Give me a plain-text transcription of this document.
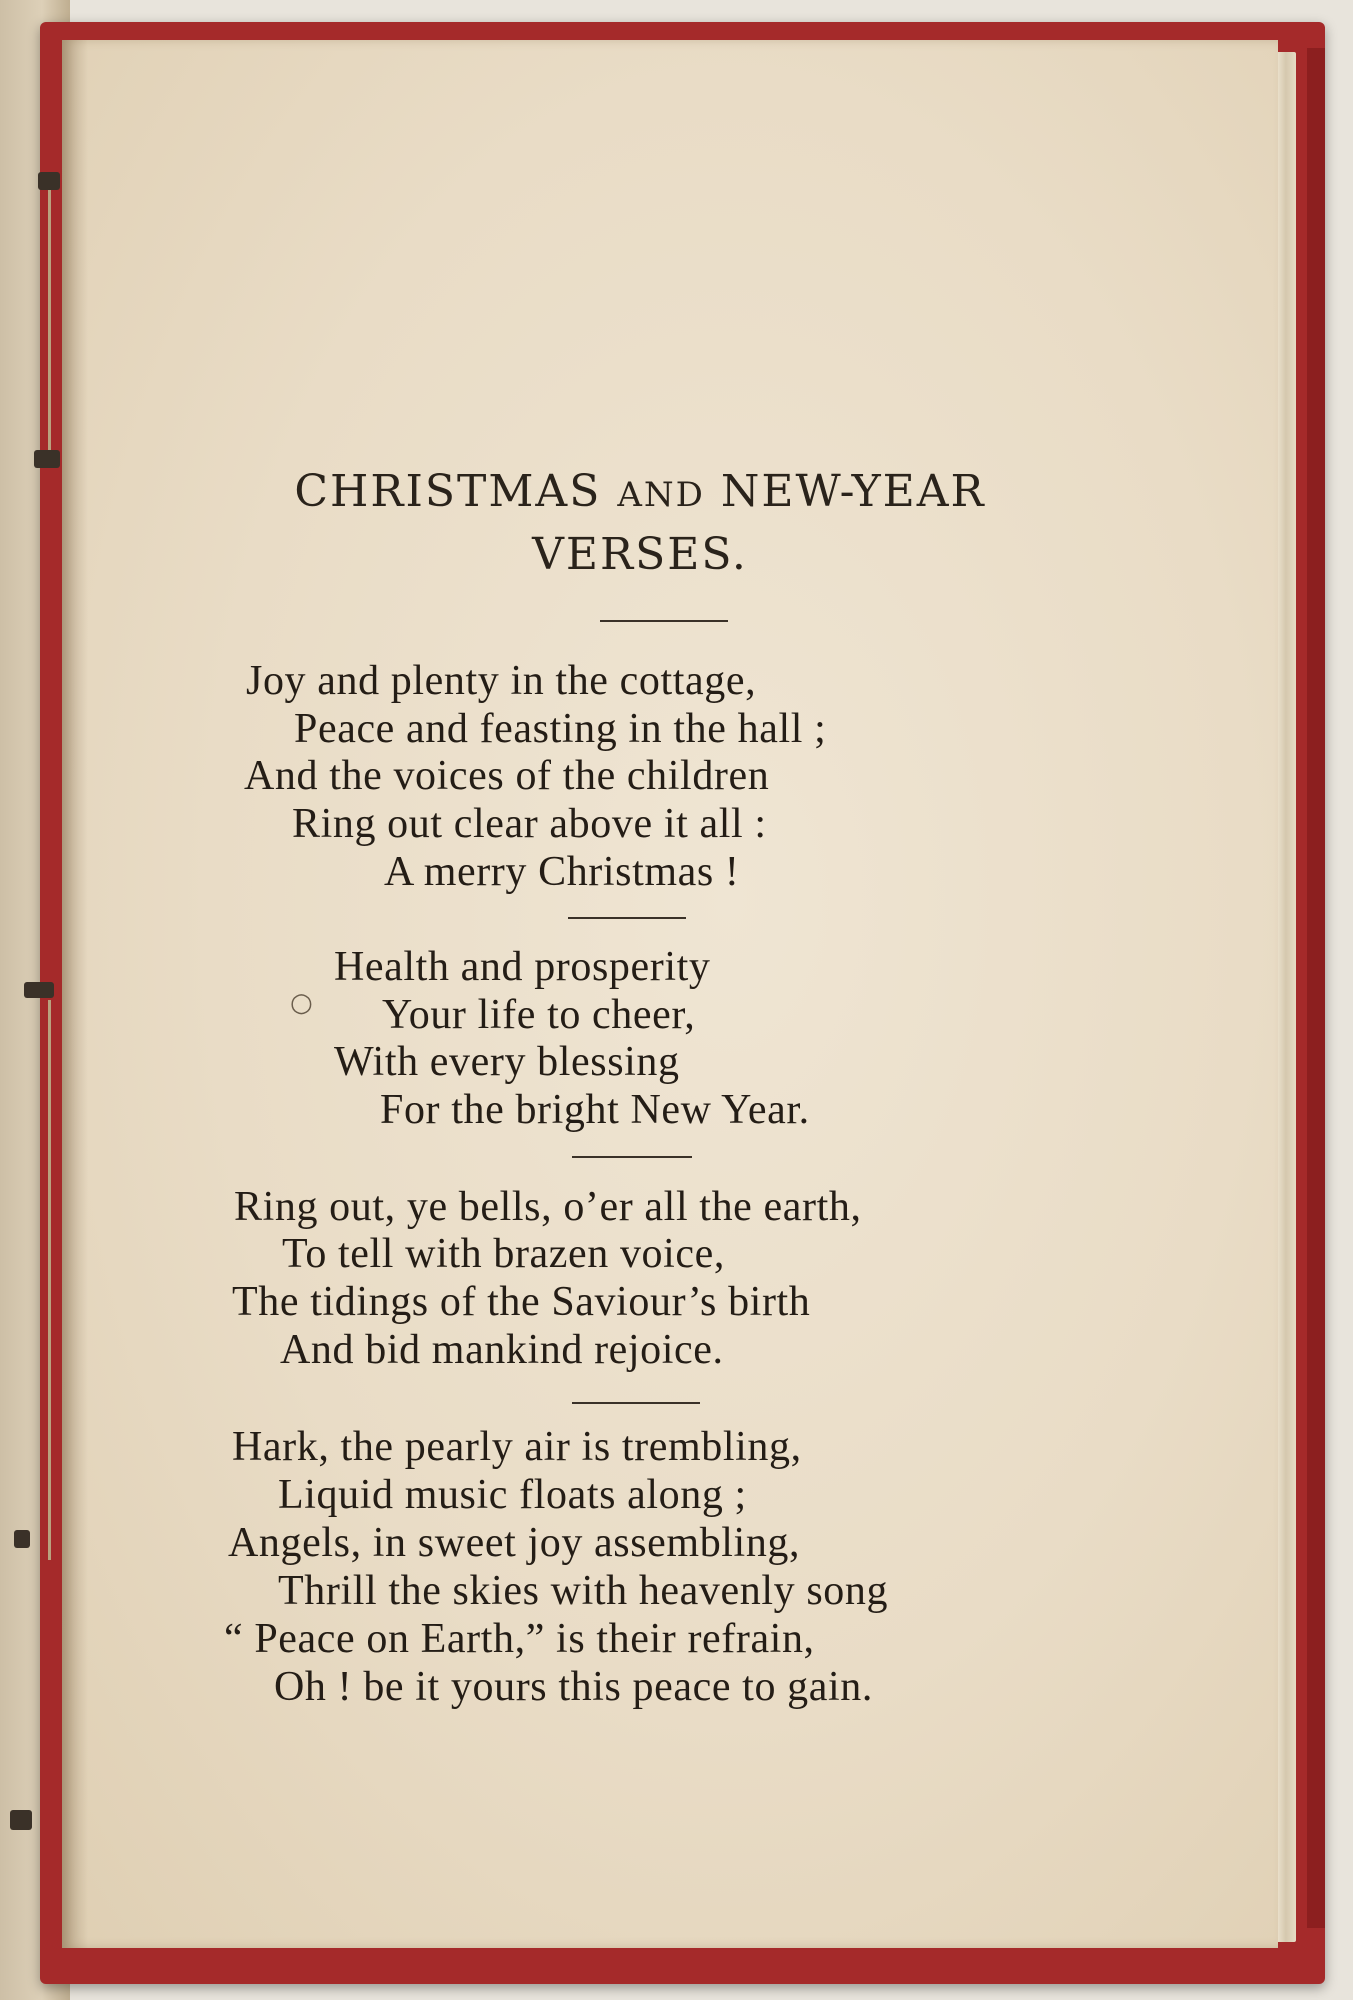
CHRISTMAS AND NEW-YEAR
VERSES.
Joy and plenty in the cottage,
Peace and feasting in the hall ;
And the voices of the children
Ring out clear above it all :
A merry Christmas !
Health and prosperity
Your life to cheer,
With every blessing
For the bright New Year.
Ring out, ye bells, o’er all the earth,
To tell with brazen voice,
The tidings of the Saviour’s birth
And bid mankind rejoice.
Hark, the pearly air is trembling,
Liquid music floats along ;
Angels, in sweet joy assembling,
Thrill the skies with heavenly song
“ Peace on Earth,” is their refrain,
Oh ! be it yours this peace to gain.
○
